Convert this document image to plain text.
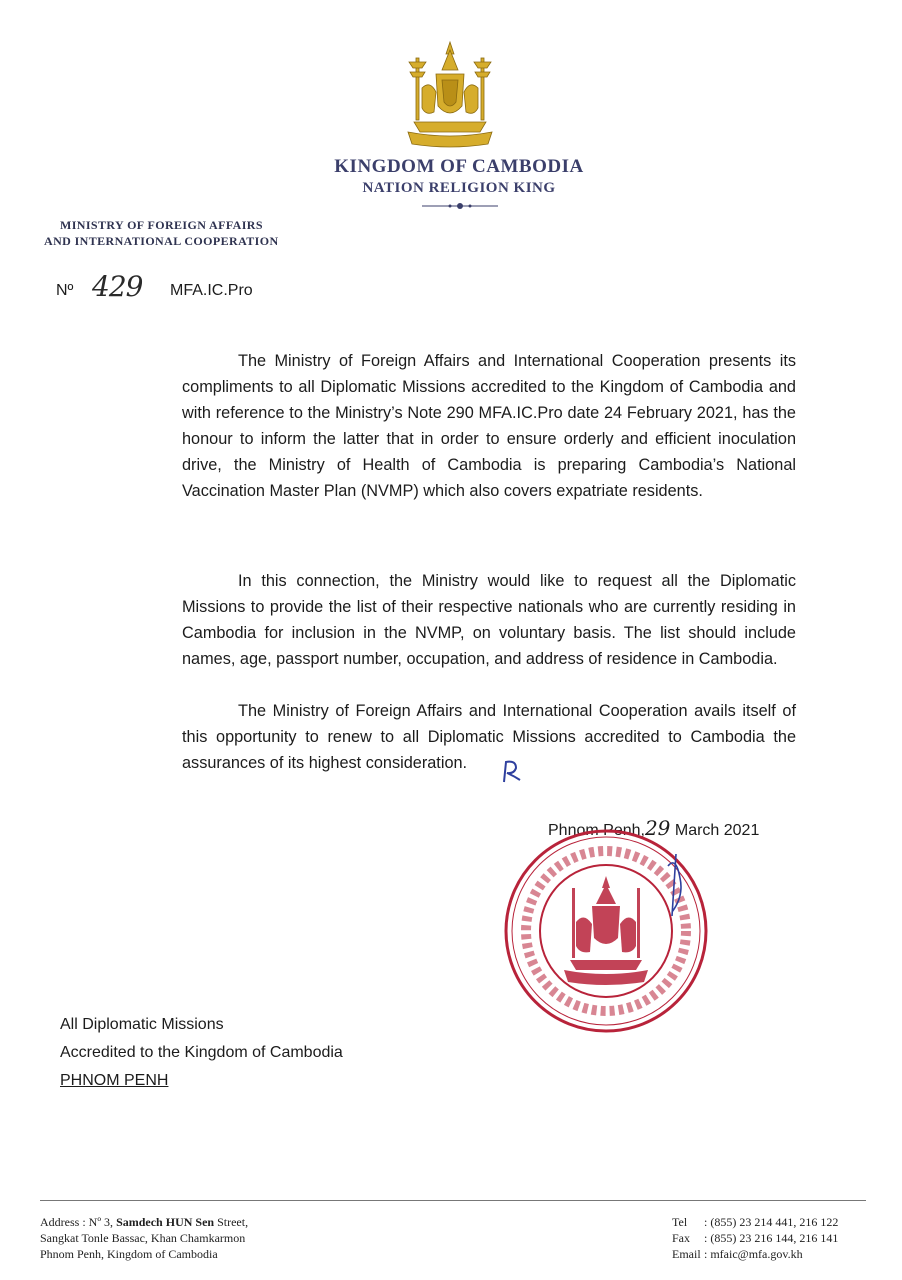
KINGDOM OF CAMBODIA
NATION RELIGION KING
MINISTRY OF FOREIGN AFFAIRS
AND INTERNATIONAL COOPERATION
Nº 429 MFA.IC.Pro
The Ministry of Foreign Affairs and International Cooperation presents its compliments to all Diplomatic Missions accredited to the Kingdom of Cambodia and with reference to the Ministry’s Note 290 MFA.IC.Pro date 24 February 2021, has the honour to inform the latter that in order to ensure orderly and efficient inoculation drive, the Ministry of Health of Cambodia is preparing Cambodia’s National Vaccination Master Plan (NVMP) which also covers expatriate residents.
In this connection, the Ministry would like to request all the Diplomatic Missions to provide the list of their respective nationals who are currently residing in Cambodia for inclusion in the NVMP, on voluntary basis. The list should include names, age, passport number, occupation, and address of residence in Cambodia.
The Ministry of Foreign Affairs and International Cooperation avails itself of this opportunity to renew to all Diplomatic Missions accredited to Cambodia the assurances of its highest consideration.
Phnom Penh,29 March 2021
All Diplomatic Missions
Accredited to the Kingdom of Cambodia
PHNOM PENH
Address : Nº 3, Samdech HUN Sen Street,
Sangkat Tonle Bassac, Khan Chamkarmon
Phnom Penh, Kingdom of Cambodia
Tel : (855) 23 214 441, 216 122
Fax : (855) 23 216 144, 216 141
Email : mfaic@mfa.gov.kh
